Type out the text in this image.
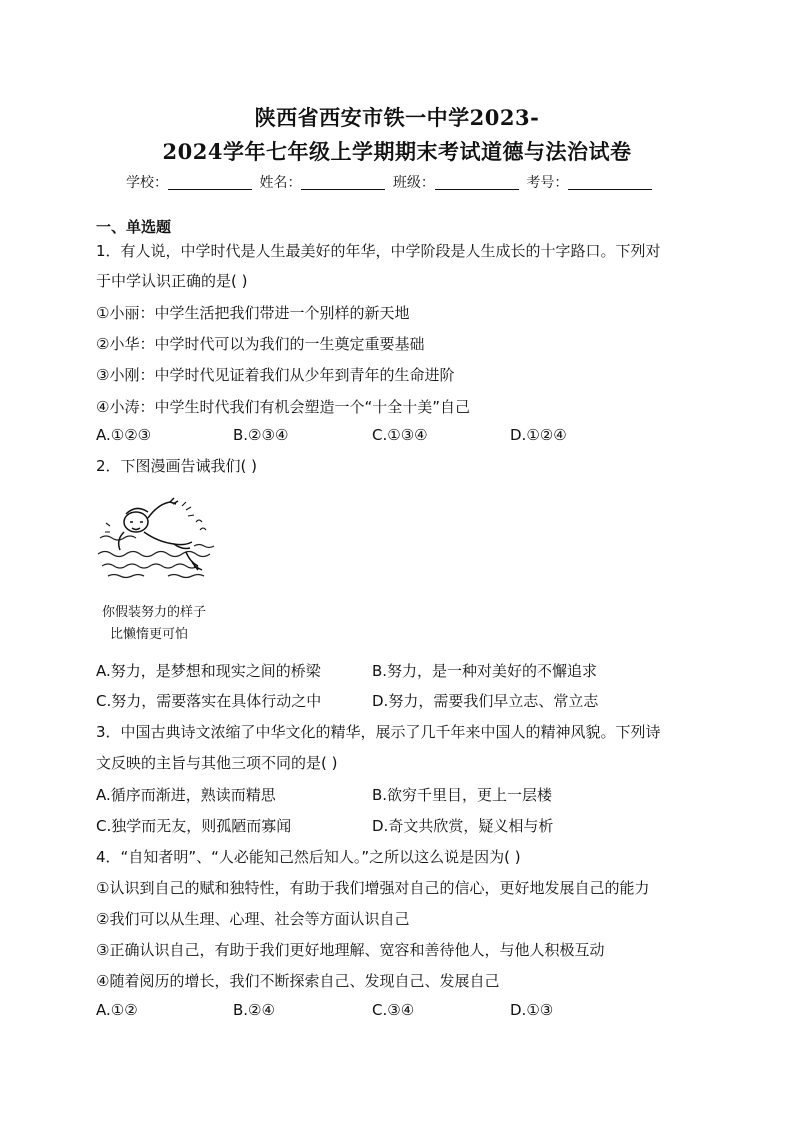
陕西省西安市铁一中学2023-
2024学年七年级上学期期末考试道德与法治试卷
学校：	姓名：	班级：	考号：
一、单选题
1．有人说，中学时代是人生最美好的年华，中学阶段是人生成长的十字路口。下列对
于中学认识正确的是( )
①小丽：中学生活把我们带进一个别样的新天地
②小华：中学时代可以为我们的一生奠定重要基础
③小刚：中学时代见证着我们从少年到青年的生命进阶
④小涛：中学生时代我们有机会塑造一个“十全十美”自己
A.①②③	B.②③④	C.①③④	D.①②④
2．下图漫画告诫我们( )
你假装努力的样子
比懒惰更可怕
A.努力，是梦想和现实之间的桥梁	B.努力，是一种对美好的不懈追求
C.努力，需要落实在具体行动之中	D.努力，需要我们早立志、常立志
3．中国古典诗文浓缩了中华文化的精华，展示了几千年来中国人的精神风貌。下列诗
文反映的主旨与其他三项不同的是( )
A.循序而渐进，熟读而精思	B.欲穷千里目，更上一层楼
C.独学而无友，则孤陋而寡闻	D.奇文共欣赏，疑义相与析
4．“自知者明”、“人必能知己然后知人。”之所以这么说是因为( )
①认识到自己的赋和独特性，有助于我们增强对自己的信心，更好地发展自己的能力
②我们可以从生理、心理、社会等方面认识自己
③正确认识自己，有助于我们更好地理解、宽容和善待他人，与他人积极互动
④随着阅历的增长，我们不断探索自己、发现自己、发展自己
A.①②	B.②④	C.③④	D.①③
